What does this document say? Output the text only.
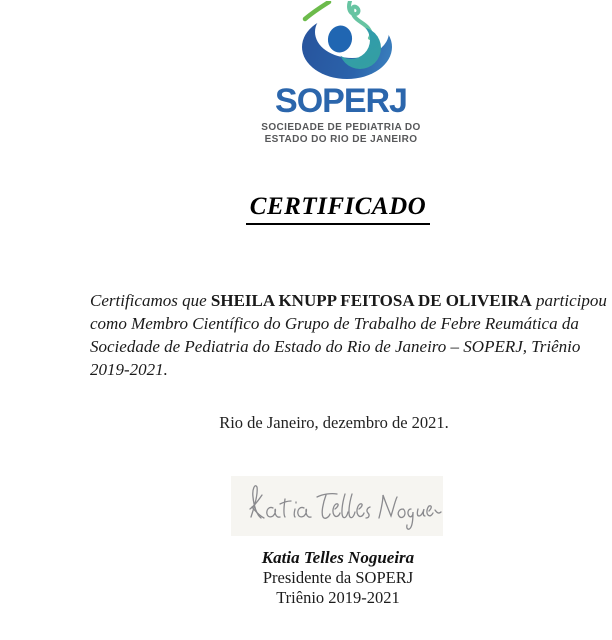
SOPERJ
SOCIEDADE DE PEDIATRIA DO
ESTADO DO RIO DE JANEIRO
CERTIFICADO
Certificamos que SHEILA KNUPP FEITOSA DE OLIVEIRA participou
como Membro Científico do Grupo de Trabalho de Febre Reumática da
Sociedade de Pediatria do Estado do Rio de Janeiro – SOPERJ, Triênio
2019-2021.
Rio de Janeiro, dezembro de 2021.
Katia Telles Nogueira
Presidente da SOPERJ
Triênio 2019-2021
